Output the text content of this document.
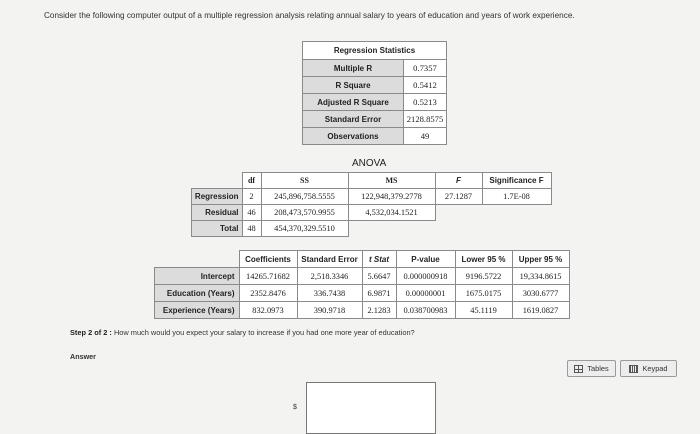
Consider the following computer output of a multiple regression analysis relating annual salary to years of education and years of work experience.
Regression Statistics	
Multiple R	0.7357
R Square	0.5412
Adjusted R Square	0.5213
Standard Error	2128.8575
Observations	49
ANOVA
	df	SS	MS	F	Significance F
Regression	2	245,896,758.5555	122,948,379.2778	27.1287	1.7E-08
Residual	46	208,473,570.9955	4,532,034.1521		
Total	48	454,370,329.5510			
	Coefficients	Standard Error	t Stat	P-value	Lower 95 %	Upper 95 %
Intercept	14265.71682	2,518.3346	5.6647	0.000000918	9196.5722	19,334.8615
Education (Years)	2352.8476	336.7438	6.9871	0.00000001	1675.0175	3030.6777
Experience (Years)	832.0973	390.9718	2.1283	0.038700983	45.1119	1619.0827
Step 2 of 2 : How much would you expect your salary to increase if you had one more year of education?
Answer
Tables	Keypad
$
